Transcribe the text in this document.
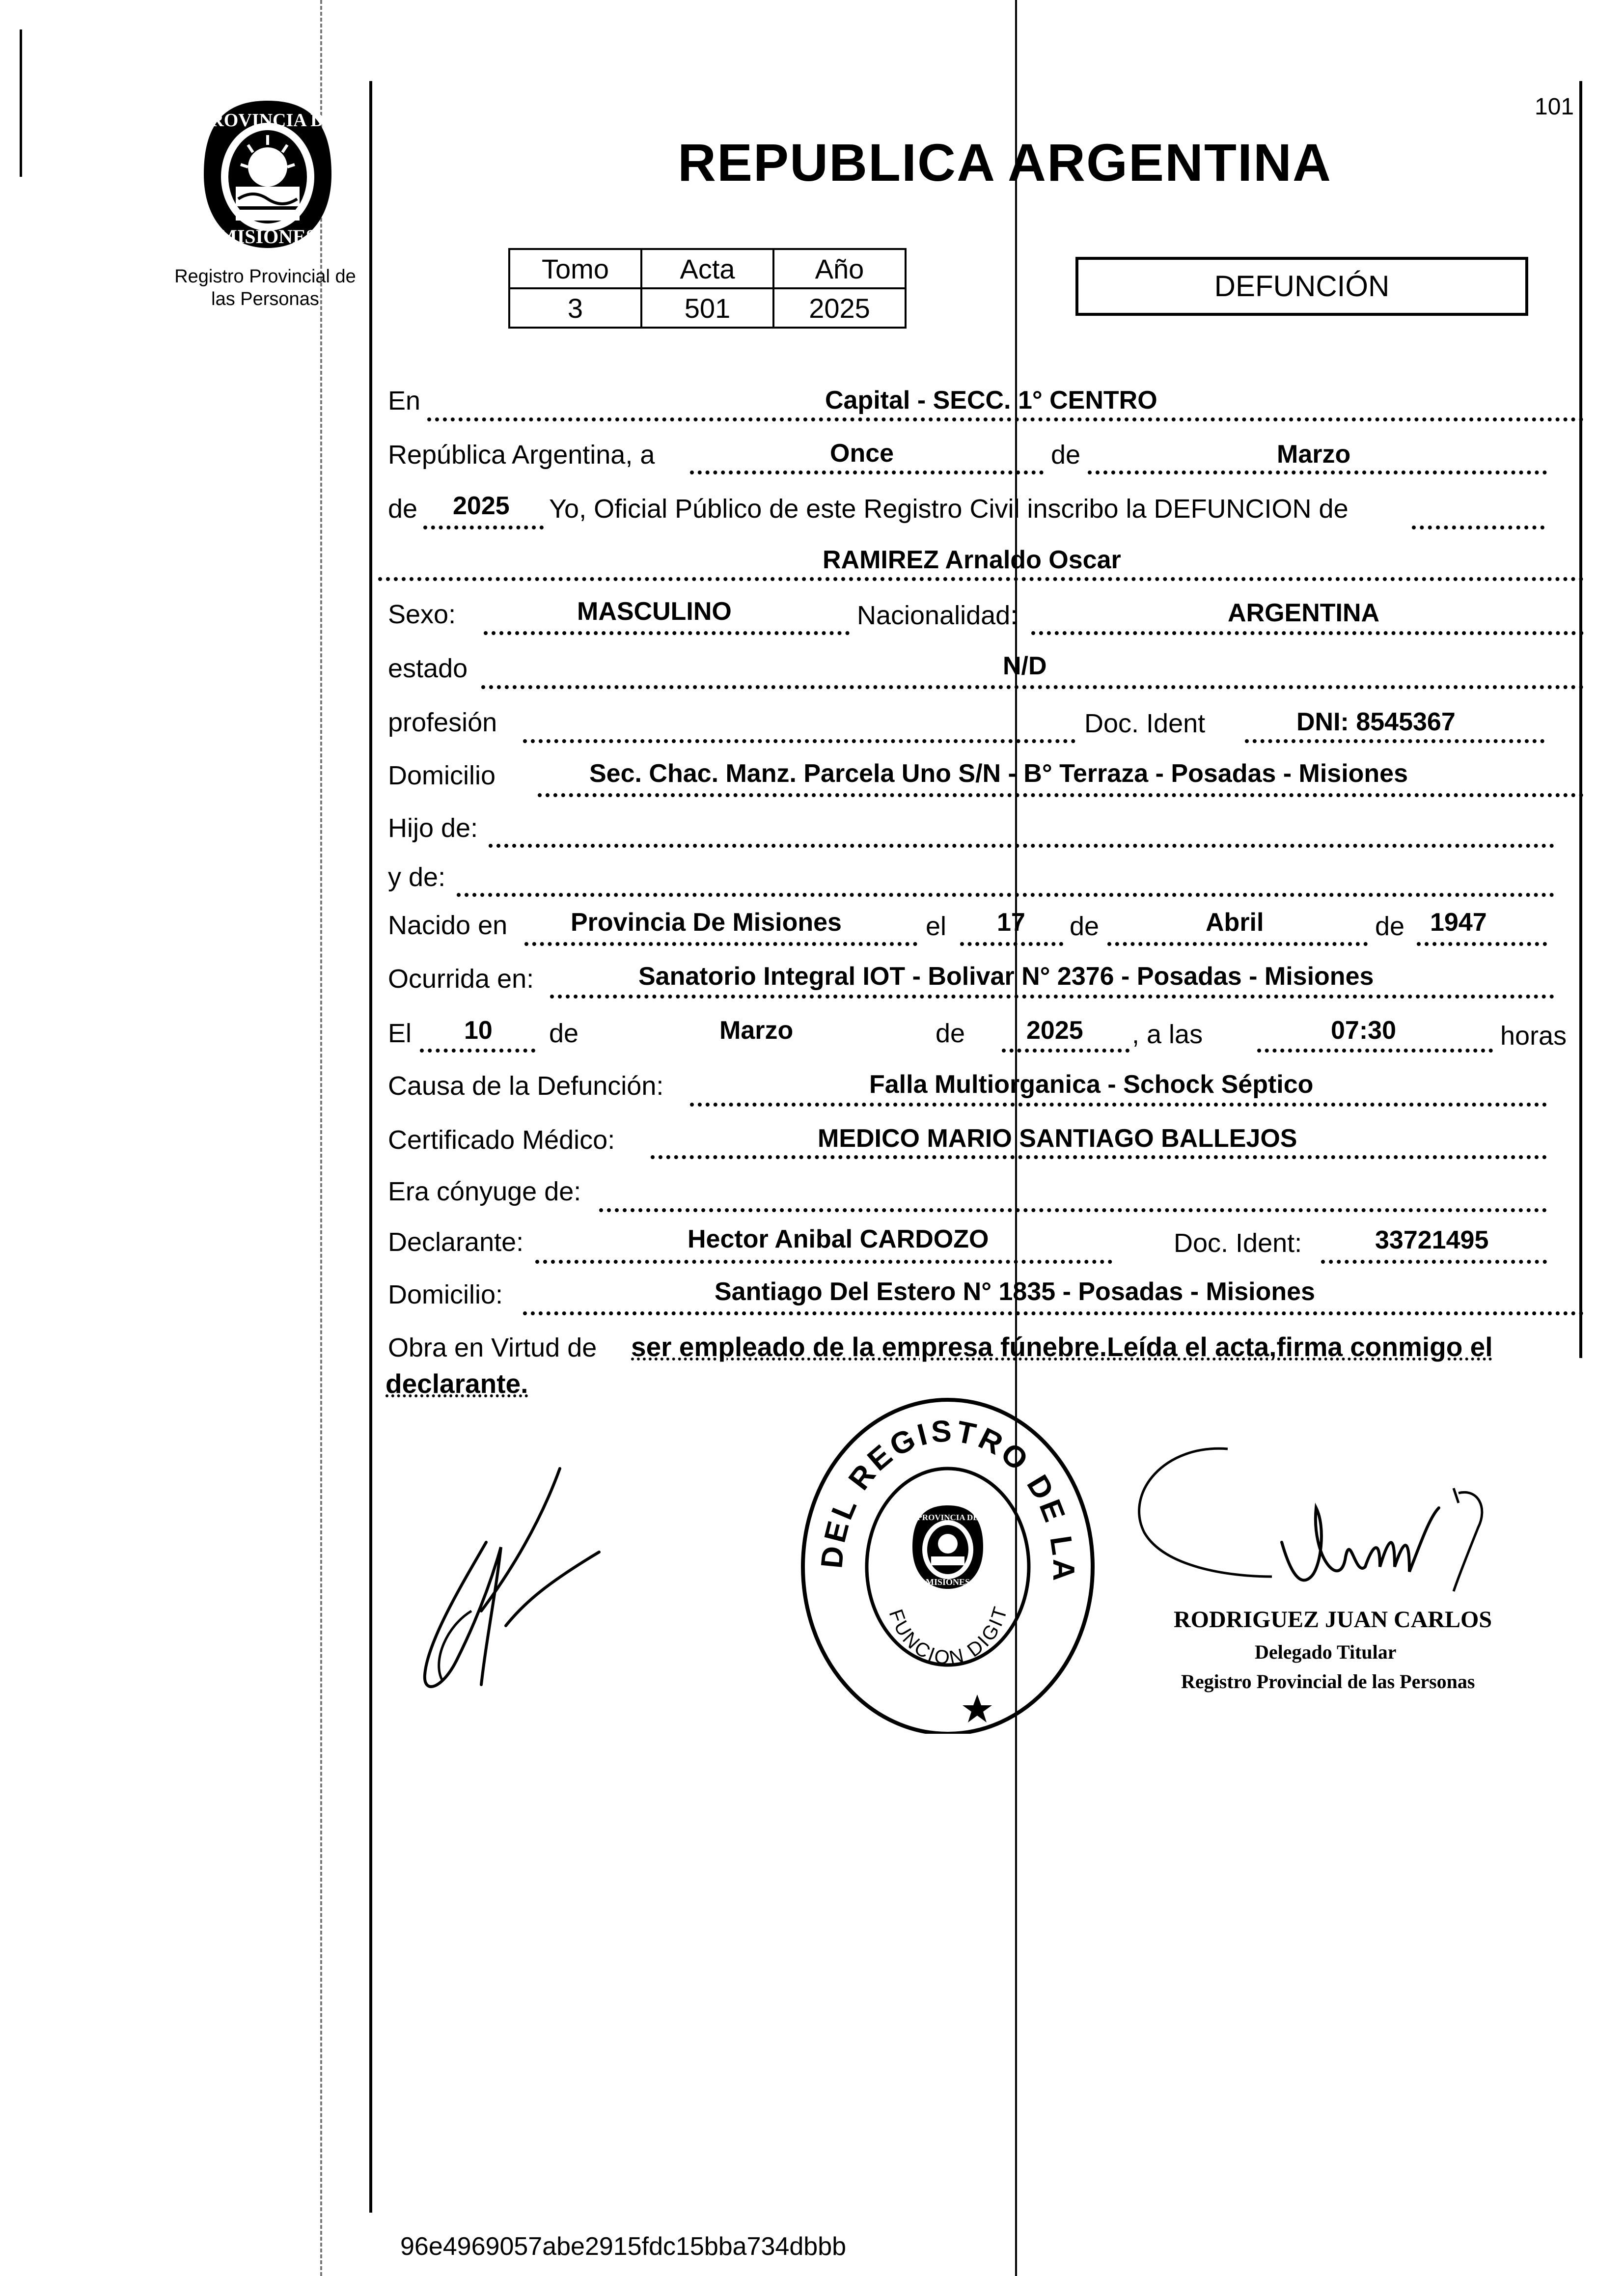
PROVINCIA DE
MISIONES
Registro Provincial de
las Personas
101
REPUBLICA ARGENTINA
Tomo	Acta	Año
3	501	2025
DEFUNCIÓN
En	Capital - SECC. 1° CENTRO
República Argentina, a	Once	de	Marzo
de 2025 Yo, Oficial Público de este Registro Civil inscribo la DEFUNCION de
RAMIREZ Arnaldo Oscar
Sexo:	MASCULINO	Nacionalidad:	ARGENTINA
estado	N/D
profesión	Doc. Ident	DNI: 8545367
Domicilio	Sec. Chac. Manz. Parcela Uno S/N - B° Terraza - Posadas - Misiones
Hijo de:
y de:
Nacido en Provincia De Misiones	el 17 de	Abril	de 1947
Ocurrida en:	Sanatorio Integral IOT - Bolivar N° 2376 - Posadas - Misiones
El 10 de	Marzo	de 2025 , a las	07:30	horas
Causa de la Defunción:	Falla Multiorganica - Schock Séptico
Certificado Médico:	MEDICO MARIO SANTIAGO BALLEJOS
Era cónyuge de:
Declarante:	Hector Anibal CARDOZO	Doc. Ident:	33721495
Domicilio:	Santiago Del Estero N° 1835 - Posadas - Misiones
Obra en Virtud de ser empleado de la empresa fúnebre.Leída el acta,firma conmigo el
declarante.
DEL REGISTRO DE LA
FUNCION DIGIT
PROVINCIA DE
MISIONES
RODRIGUEZ JUAN CARLOS
Delegado Titular
Registro Provincial de las Personas
96e4969057abe2915fdc15bba734dbbb
